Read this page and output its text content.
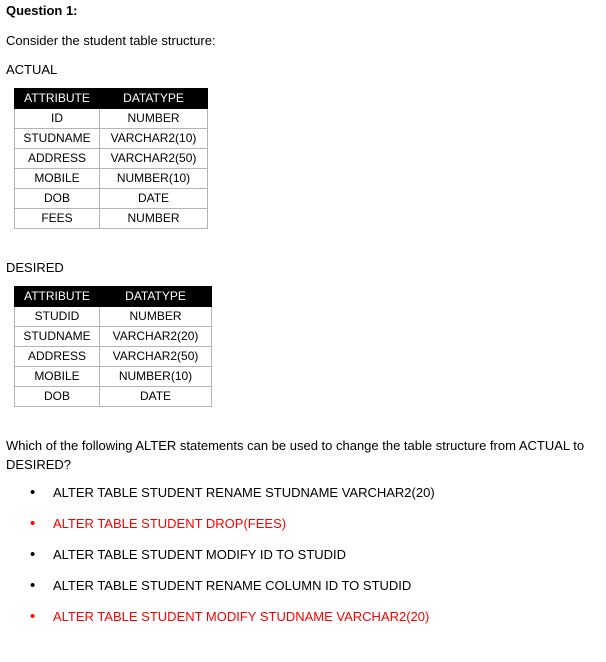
Question 1:
Consider the student table structure:
ACTUAL
ATTRIBUTE	DATATYPE
ID	NUMBER
STUDNAME	VARCHAR2(10)
ADDRESS	VARCHAR2(50)
MOBILE	NUMBER(10)
DOB	DATE
FEES	NUMBER
DESIRED
ATTRIBUTE	DATATYPE
STUDID	NUMBER
STUDNAME	VARCHAR2(20)
ADDRESS	VARCHAR2(50)
MOBILE	NUMBER(10)
DOB	DATE
Which of the following ALTER statements can be used to change the table structure from ACTUAL to DESIRED?
• ALTER TABLE STUDENT RENAME STUDNAME VARCHAR2(20)
• ALTER TABLE STUDENT DROP(FEES)
• ALTER TABLE STUDENT MODIFY ID TO STUDID
• ALTER TABLE STUDENT RENAME COLUMN ID TO STUDID
• ALTER TABLE STUDENT MODIFY STUDNAME VARCHAR2(20)
